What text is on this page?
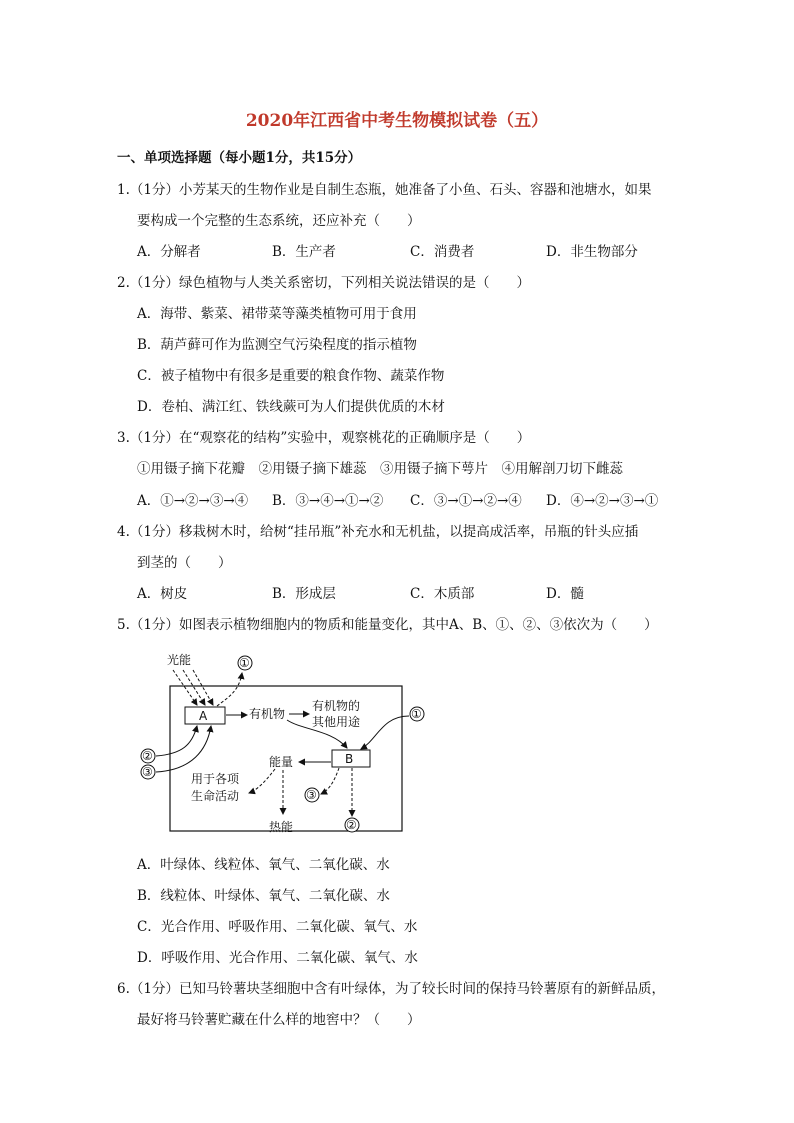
2020年江西省中考生物模拟试卷（五）
一、单项选择题（每小题1分，共15分）
1.（1分）小芳某天的生物作业是自制生态瓶，她准备了小鱼、石头、容器和池塘水，如果
要构成一个完整的生态系统，还应补充（　　）
A．分解者	B．生产者	C．消费者	D．非生物部分
2.（1分）绿色植物与人类关系密切，下列相关说法错误的是（　　）
A．海带、紫菜、裙带菜等藻类植物可用于食用
B．葫芦藓可作为监测空气污染程度的指示植物
C．被子植物中有很多是重要的粮食作物、蔬菜作物
D．卷柏、满江红、铁线蕨可为人们提供优质的木材
3.（1分）在“观察花的结构”实验中，观察桃花的正确顺序是（　　）
①用镊子摘下花瓣　②用镊子摘下雄蕊　③用镊子摘下萼片　④用解剖刀切下雌蕊
A．①→②→③→④ B．③→④→①→② C．③→①→②→④ D．④→②→③→①
4.（1分）移栽树木时，给树“挂吊瓶”补充水和无机盐，以提高成活率，吊瓶的针头应插
到茎的（　　）
A．树皮	B．形成层	C．木质部	D．髓
5.（1分）如图表示植物细胞内的物质和能量变化，其中A、B、①、②、③依次为（　　）
光能	①
A	有机物
有机物的
其他用途
①
B
②
③
能量
用于各项
生命活动
热能
③
②
A．叶绿体、线粒体、氧气、二氧化碳、水
B．线粒体、叶绿体、氧气、二氧化碳、水
C．光合作用、呼吸作用、二氧化碳、氧气、水
D．呼吸作用、光合作用、二氧化碳、氧气、水
6.（1分）已知马铃薯块茎细胞中含有叶绿体，为了较长时间的保持马铃薯原有的新鲜品质，
最好将马铃薯贮藏在什么样的地窖中？（　　）
